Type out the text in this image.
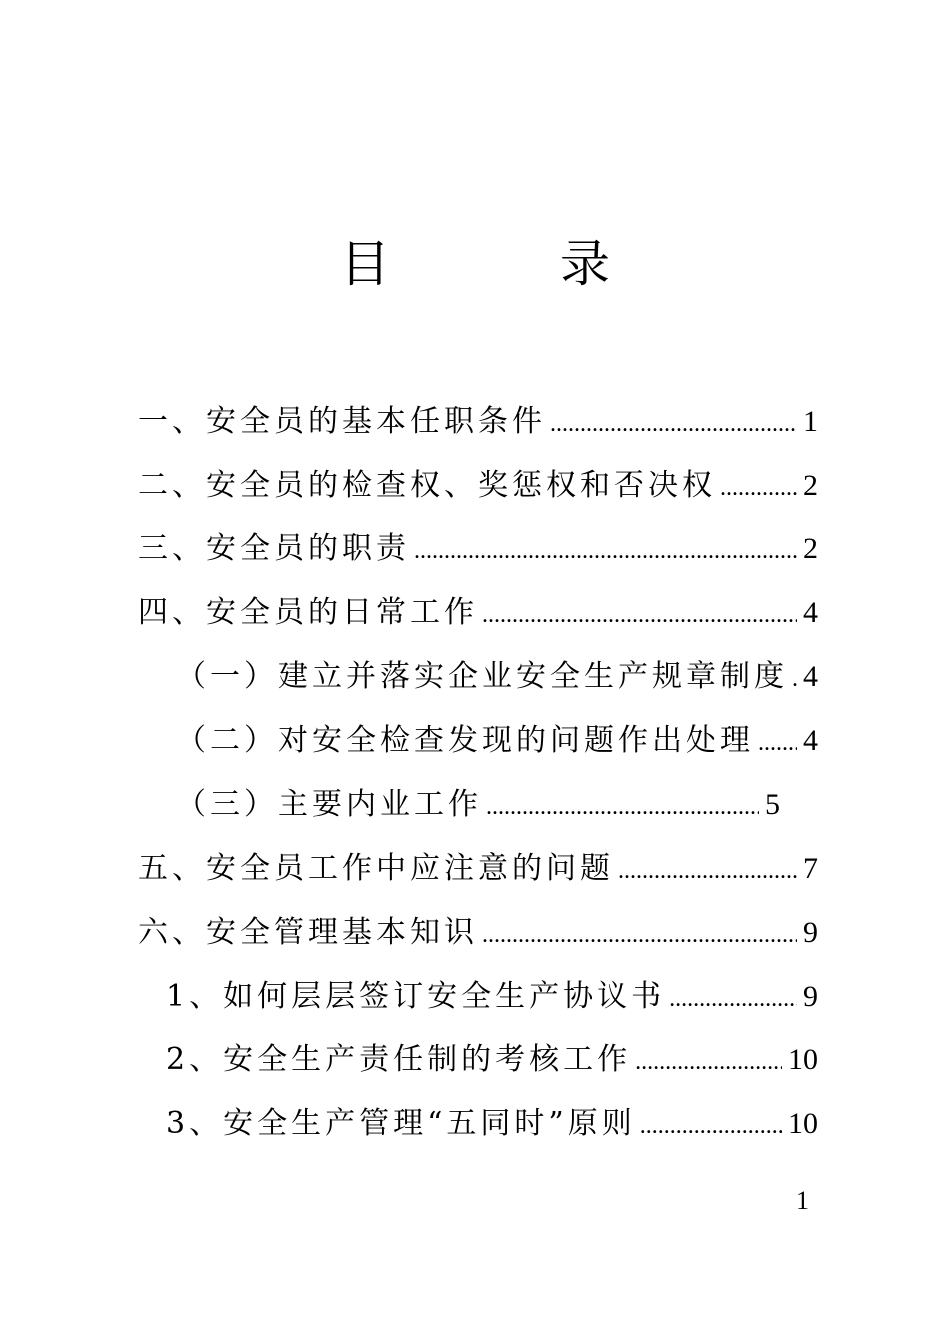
目　录
一、安全员的基本任职条件 .....	1
二、安全员的检查权、奖惩权和否决权 .....	2
三、安全员的职责 .....	2
四、安全员的日常工作 .....	4
（一）建立并落实企业安全生产规章制度 ..... 4
（二）对安全检查发现的问题作出处理 ..... 4
（三）主要内业工作 .....	5
五、安全员工作中应注意的问题 .....	7
六、安全管理基本知识 .....	9
1、如何层层签订安全生产协议书 .....	9
2、安全生产责任制的考核工作 .....	10
3、安全生产管理“五同时”原则 .....	10
1
